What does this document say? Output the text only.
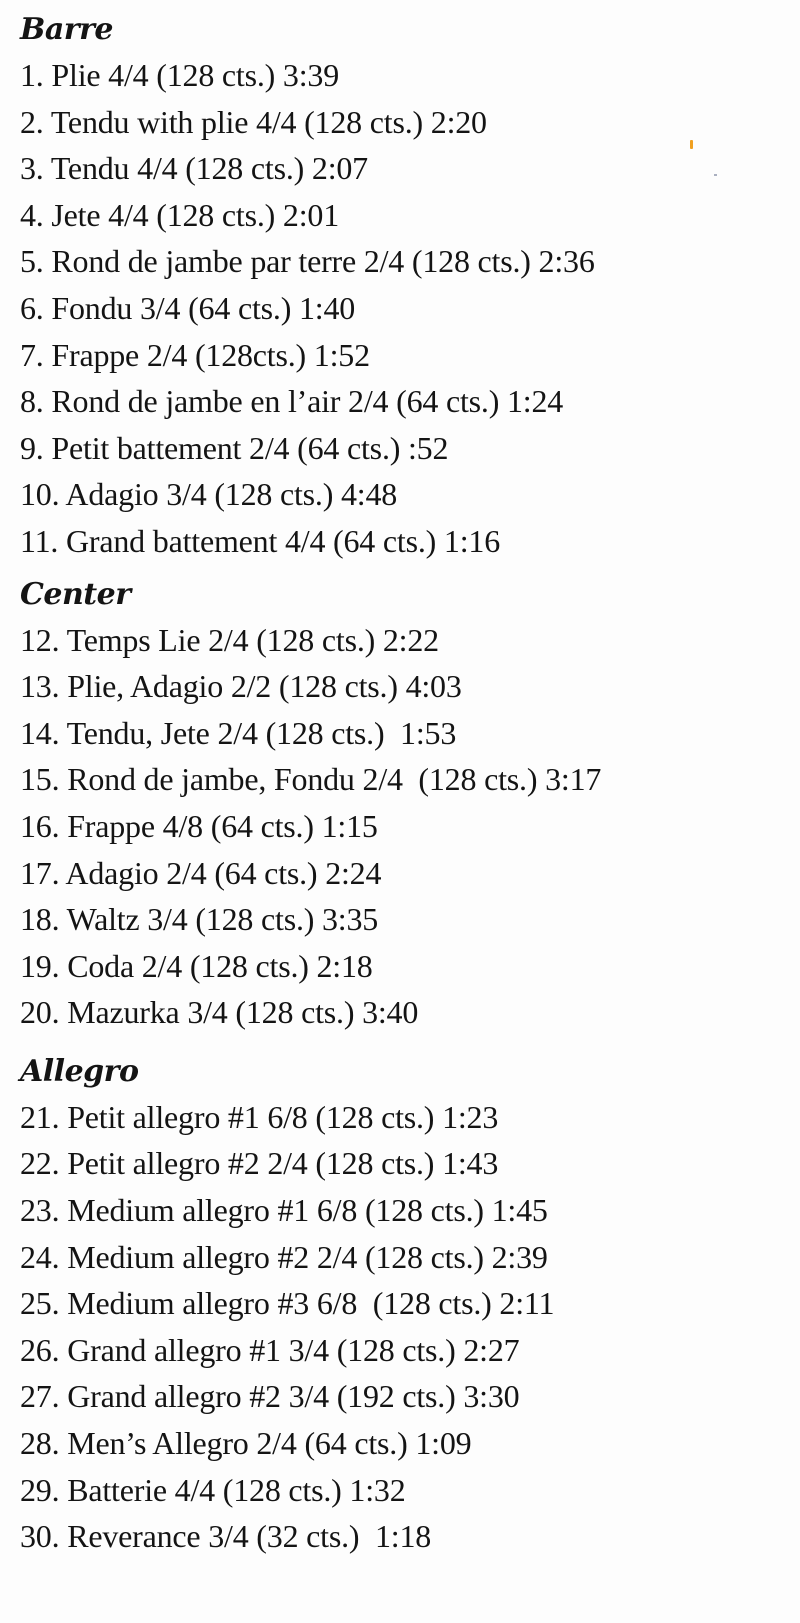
Barre
1. Plie 4/4 (128 cts.) 3:39
2. Tendu with plie 4/4 (128 cts.) 2:20
3. Tendu 4/4 (128 cts.) 2:07
4. Jete 4/4 (128 cts.) 2:01
5. Rond de jambe par terre 2/4 (128 cts.) 2:36
6. Fondu 3/4 (64 cts.) 1:40
7. Frappe 2/4 (128cts.) 1:52
8. Rond de jambe en l’air 2/4 (64 cts.) 1:24
9. Petit battement 2/4 (64 cts.) :52
10. Adagio 3/4 (128 cts.) 4:48
11. Grand battement 4/4 (64 cts.) 1:16
Center
12. Temps Lie 2/4 (128 cts.) 2:22
13. Plie, Adagio 2/2 (128 cts.) 4:03
14. Tendu, Jete 2/4 (128 cts.)  1:53
15. Rond de jambe, Fondu 2/4  (128 cts.) 3:17
16. Frappe 4/8 (64 cts.) 1:15
17. Adagio 2/4 (64 cts.) 2:24
18. Waltz 3/4 (128 cts.) 3:35
19. Coda 2/4 (128 cts.) 2:18
20. Mazurka 3/4 (128 cts.) 3:40
Allegro
21. Petit allegro #1 6/8 (128 cts.) 1:23
22. Petit allegro #2 2/4 (128 cts.) 1:43
23. Medium allegro #1 6/8 (128 cts.) 1:45
24. Medium allegro #2 2/4 (128 cts.) 2:39
25. Medium allegro #3 6/8  (128 cts.) 2:11
26. Grand allegro #1 3/4 (128 cts.) 2:27
27. Grand allegro #2 3/4 (192 cts.) 3:30
28. Men’s Allegro 2/4 (64 cts.) 1:09
29. Batterie 4/4 (128 cts.) 1:32
30. Reverance 3/4 (32 cts.)  1:18
